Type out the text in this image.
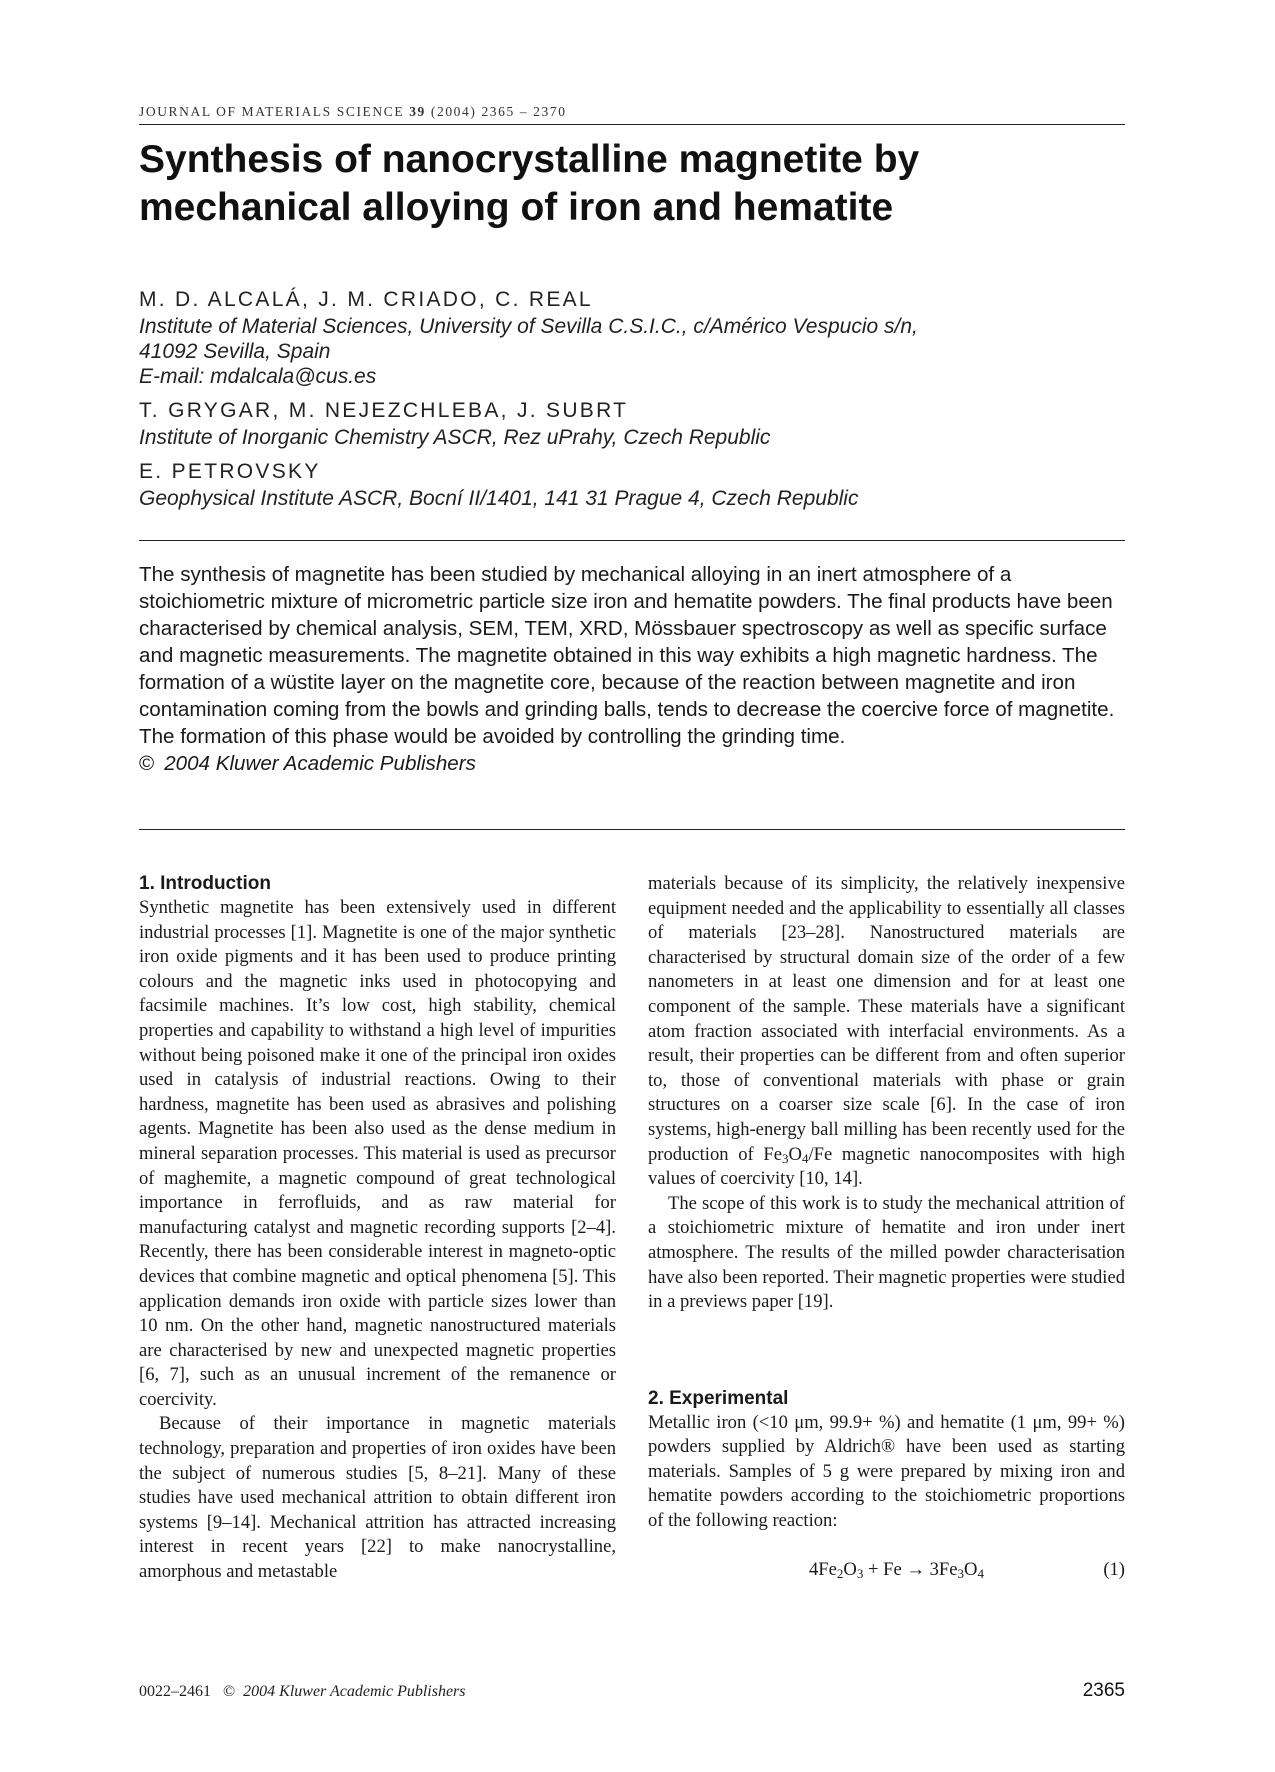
JOURNAL OF MATERIALS SCIENCE 39 (2004) 2365 – 2370
Synthesis of nanocrystalline magnetite by
mechanical alloying of iron and hematite
M. D. ALCALÁ, J. M. CRIADO, C. REAL
Institute of Material Sciences, University of Sevilla C.S.I.C., c/Américo Vespucio s/n,
41092 Sevilla, Spain
E-mail: mdalcala@cus.es
T. GRYGAR, M. NEJEZCHLEBA, J. SUBRT
Institute of Inorganic Chemistry ASCR, Rez uPrahy, Czech Republic
E. PETROVSKY
Geophysical Institute ASCR, Bocní II/1401, 141 31 Prague 4, Czech Republic

The synthesis of magnetite has been studied by mechanical alloying in an inert atmosphere of a stoichiometric mixture of micrometric particle size iron and hematite powders. The final products have been characterised by chemical analysis, SEM, TEM, XRD, Mössbauer spectroscopy as well as specific surface and magnetic measurements. The magnetite obtained in this way exhibits a high magnetic hardness. The formation of a wüstite layer on the magnetite core, because of the reaction between magnetite and iron contamination coming from the bowls and grinding balls, tends to decrease the coercive force of magnetite. The formation of this phase would be avoided by controlling the grinding time.

© 2004 Kluwer Academic Publishers

1. Introduction

Synthetic magnetite has been extensively used in different industrial processes [1]. Magnetite is one of the major synthetic iron oxide pigments and it has been used to produce printing colours and the magnetic inks used in photocopying and facsimile machines. It’s low cost, high stability, chemical properties and capability to withstand a high level of impurities without being poisoned make it one of the principal iron oxides used in catalysis of industrial reactions. Owing to their hardness, magnetite has been used as abrasives and polishing agents. Magnetite has been also used as the dense medium in mineral separation processes. This material is used as precursor of maghemite, a magnetic compound of great technological importance in ferrofluids, and as raw material for manufacturing catalyst and magnetic recording supports [2–4]. Recently, there has been considerable interest in magneto-optic devices that combine magnetic and optical phenomena [5]. This application demands iron oxide with particle sizes lower than 10 nm. On the other hand, magnetic nanostructured materials are characterised by new and unexpected magnetic properties [6, 7], such as an unusual increment of the remanence or coercivity.

Because of their importance in magnetic materials technology, preparation and properties of iron oxides have been the subject of numerous studies [5, 8–21]. Many of these studies have used mechanical attrition to obtain different iron systems [9–14]. Mechanical attrition has attracted increasing interest in recent years [22] to make nanocrystalline, amorphous and metastable

materials because of its simplicity, the relatively inexpensive equipment needed and the applicability to essentially all classes of materials [23–28]. Nanostructured materials are characterised by structural domain size of the order of a few nanometers in at least one dimension and for at least one component of the sample. These materials have a significant atom fraction associated with interfacial environments. As a result, their properties can be different from and often superior to, those of conventional materials with phase or grain structures on a coarser size scale [6]. In the case of iron systems, high-energy ball milling has been recently used for the production of $Fe_3O_4/Fe$ magnetic nanocomposites with high values of coercivity [10, 14].

The scope of this work is to study the mechanical attrition of a stoichiometric mixture of hematite and iron under inert atmosphere. The results of the milled powder characterisation have also been reported. Their magnetic properties were studied in a previews paper [19].

2. Experimental

Metallic iron (<10 μm, 99.9+ %) and hematite (1 μm, 99+ %) powders supplied by Aldrich® have been used as starting materials. Samples of 5 g were prepared by mixing iron and hematite powders according to the stoichiometric proportions of the following reaction:

$4Fe_2O_3 + Fe \to 3Fe_3O_4$	(1)
0022–2461 © 2004 Kluwer Academic Publishers	2365
